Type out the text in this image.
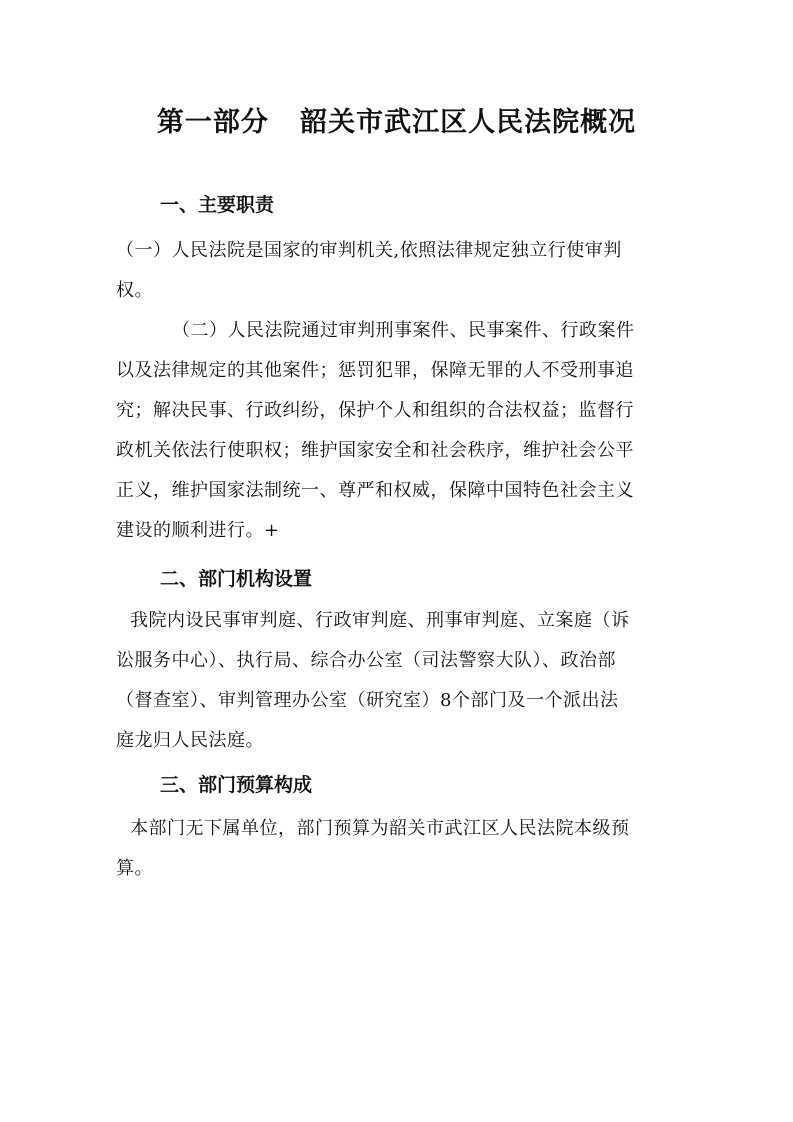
第一部分   韶关市武江区人民法院概况
一、主要职责
（一）人民法院是国家的审判机关,依照法律规定独立行使审判
权。
（二）人民法院通过审判刑事案件、民事案件、行政案件
以及法律规定的其他案件；惩罚犯罪，保障无罪的人不受刑事追
究；解决民事、行政纠纷，保护个人和组织的合法权益；监督行
政机关依法行使职权；维护国家安全和社会秩序，维护社会公平
正义，维护国家法制统一、尊严和权威，保障中国特色社会主义
建设的顺利进行。+
二、部门机构设置
我院内设民事审判庭、行政审判庭、刑事审判庭、立案庭（诉
讼服务中心）、执行局、综合办公室（司法警察大队）、政治部
（督查室）、审判管理办公室（研究室）8个部门及一个派出法
庭龙归人民法庭。
三、部门预算构成
本部门无下属单位，部门预算为韶关市武江区人民法院本级预
算。
